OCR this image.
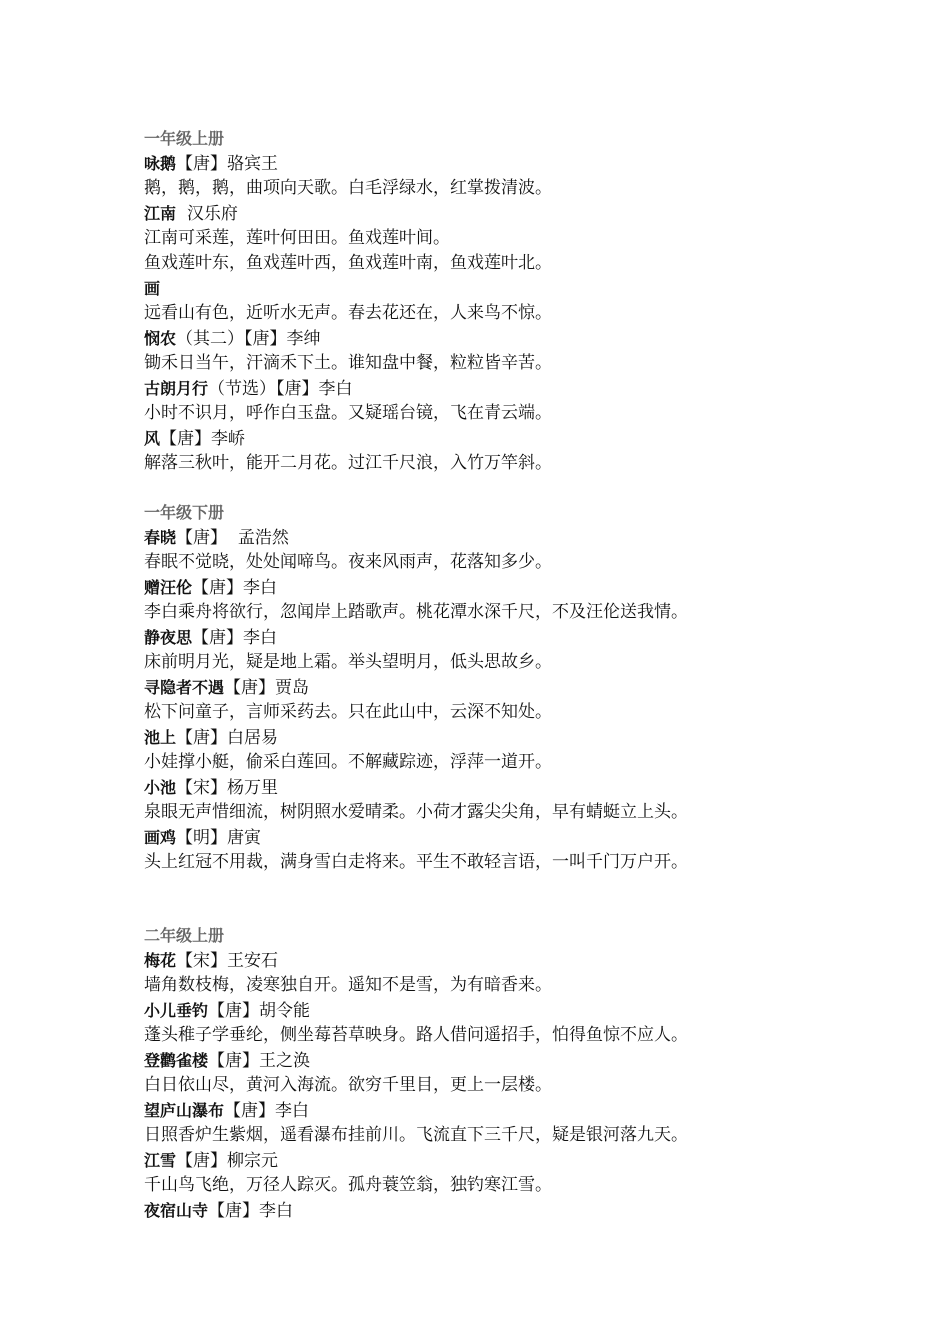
一年级上册
咏鹅【唐】骆宾王
鹅，鹅，鹅，曲项向天歌。白毛浮绿水，红掌拨清波。
江南  汉乐府
江南可采莲，莲叶何田田。鱼戏莲叶间。
鱼戏莲叶东，鱼戏莲叶西，鱼戏莲叶南，鱼戏莲叶北。
画
远看山有色，近听水无声。春去花还在，人来鸟不惊。
悯农（其二）【唐】李绅
锄禾日当午，汗滴禾下土。谁知盘中餐，粒粒皆辛苦。
古朗月行（节选）【唐】李白
小时不识月，呼作白玉盘。又疑瑶台镜，飞在青云端。
风【唐】李峤
解落三秋叶，能开二月花。过江千尺浪，入竹万竿斜。
一年级下册
春晓【唐】  孟浩然
春眠不觉晓，处处闻啼鸟。夜来风雨声，花落知多少。
赠汪伦【唐】李白
李白乘舟将欲行，忽闻岸上踏歌声。桃花潭水深千尺，不及汪伦送我情。
静夜思【唐】李白
床前明月光，疑是地上霜。举头望明月，低头思故乡。
寻隐者不遇【唐】贾岛
松下问童子，言师采药去。只在此山中，云深不知处。
池上【唐】白居易
小娃撑小艇，偷采白莲回。不解藏踪迹，浮萍一道开。
小池【宋】杨万里
泉眼无声惜细流，树阴照水爱晴柔。小荷才露尖尖角，早有蜻蜓立上头。
画鸡【明】唐寅
头上红冠不用裁，满身雪白走将来。平生不敢轻言语，一叫千门万户开。
二年级上册
梅花【宋】王安石
墙角数枝梅，凌寒独自开。遥知不是雪，为有暗香来。
小儿垂钓【唐】胡令能
蓬头稚子学垂纶，侧坐莓苔草映身。路人借问遥招手，怕得鱼惊不应人。
登鹳雀楼【唐】王之涣
白日依山尽，黄河入海流。欲穷千里目，更上一层楼。
望庐山瀑布【唐】李白
日照香炉生紫烟，遥看瀑布挂前川。飞流直下三千尺，疑是银河落九天。
江雪【唐】柳宗元
千山鸟飞绝，万径人踪灭。孤舟蓑笠翁，独钓寒江雪。
夜宿山寺【唐】李白
